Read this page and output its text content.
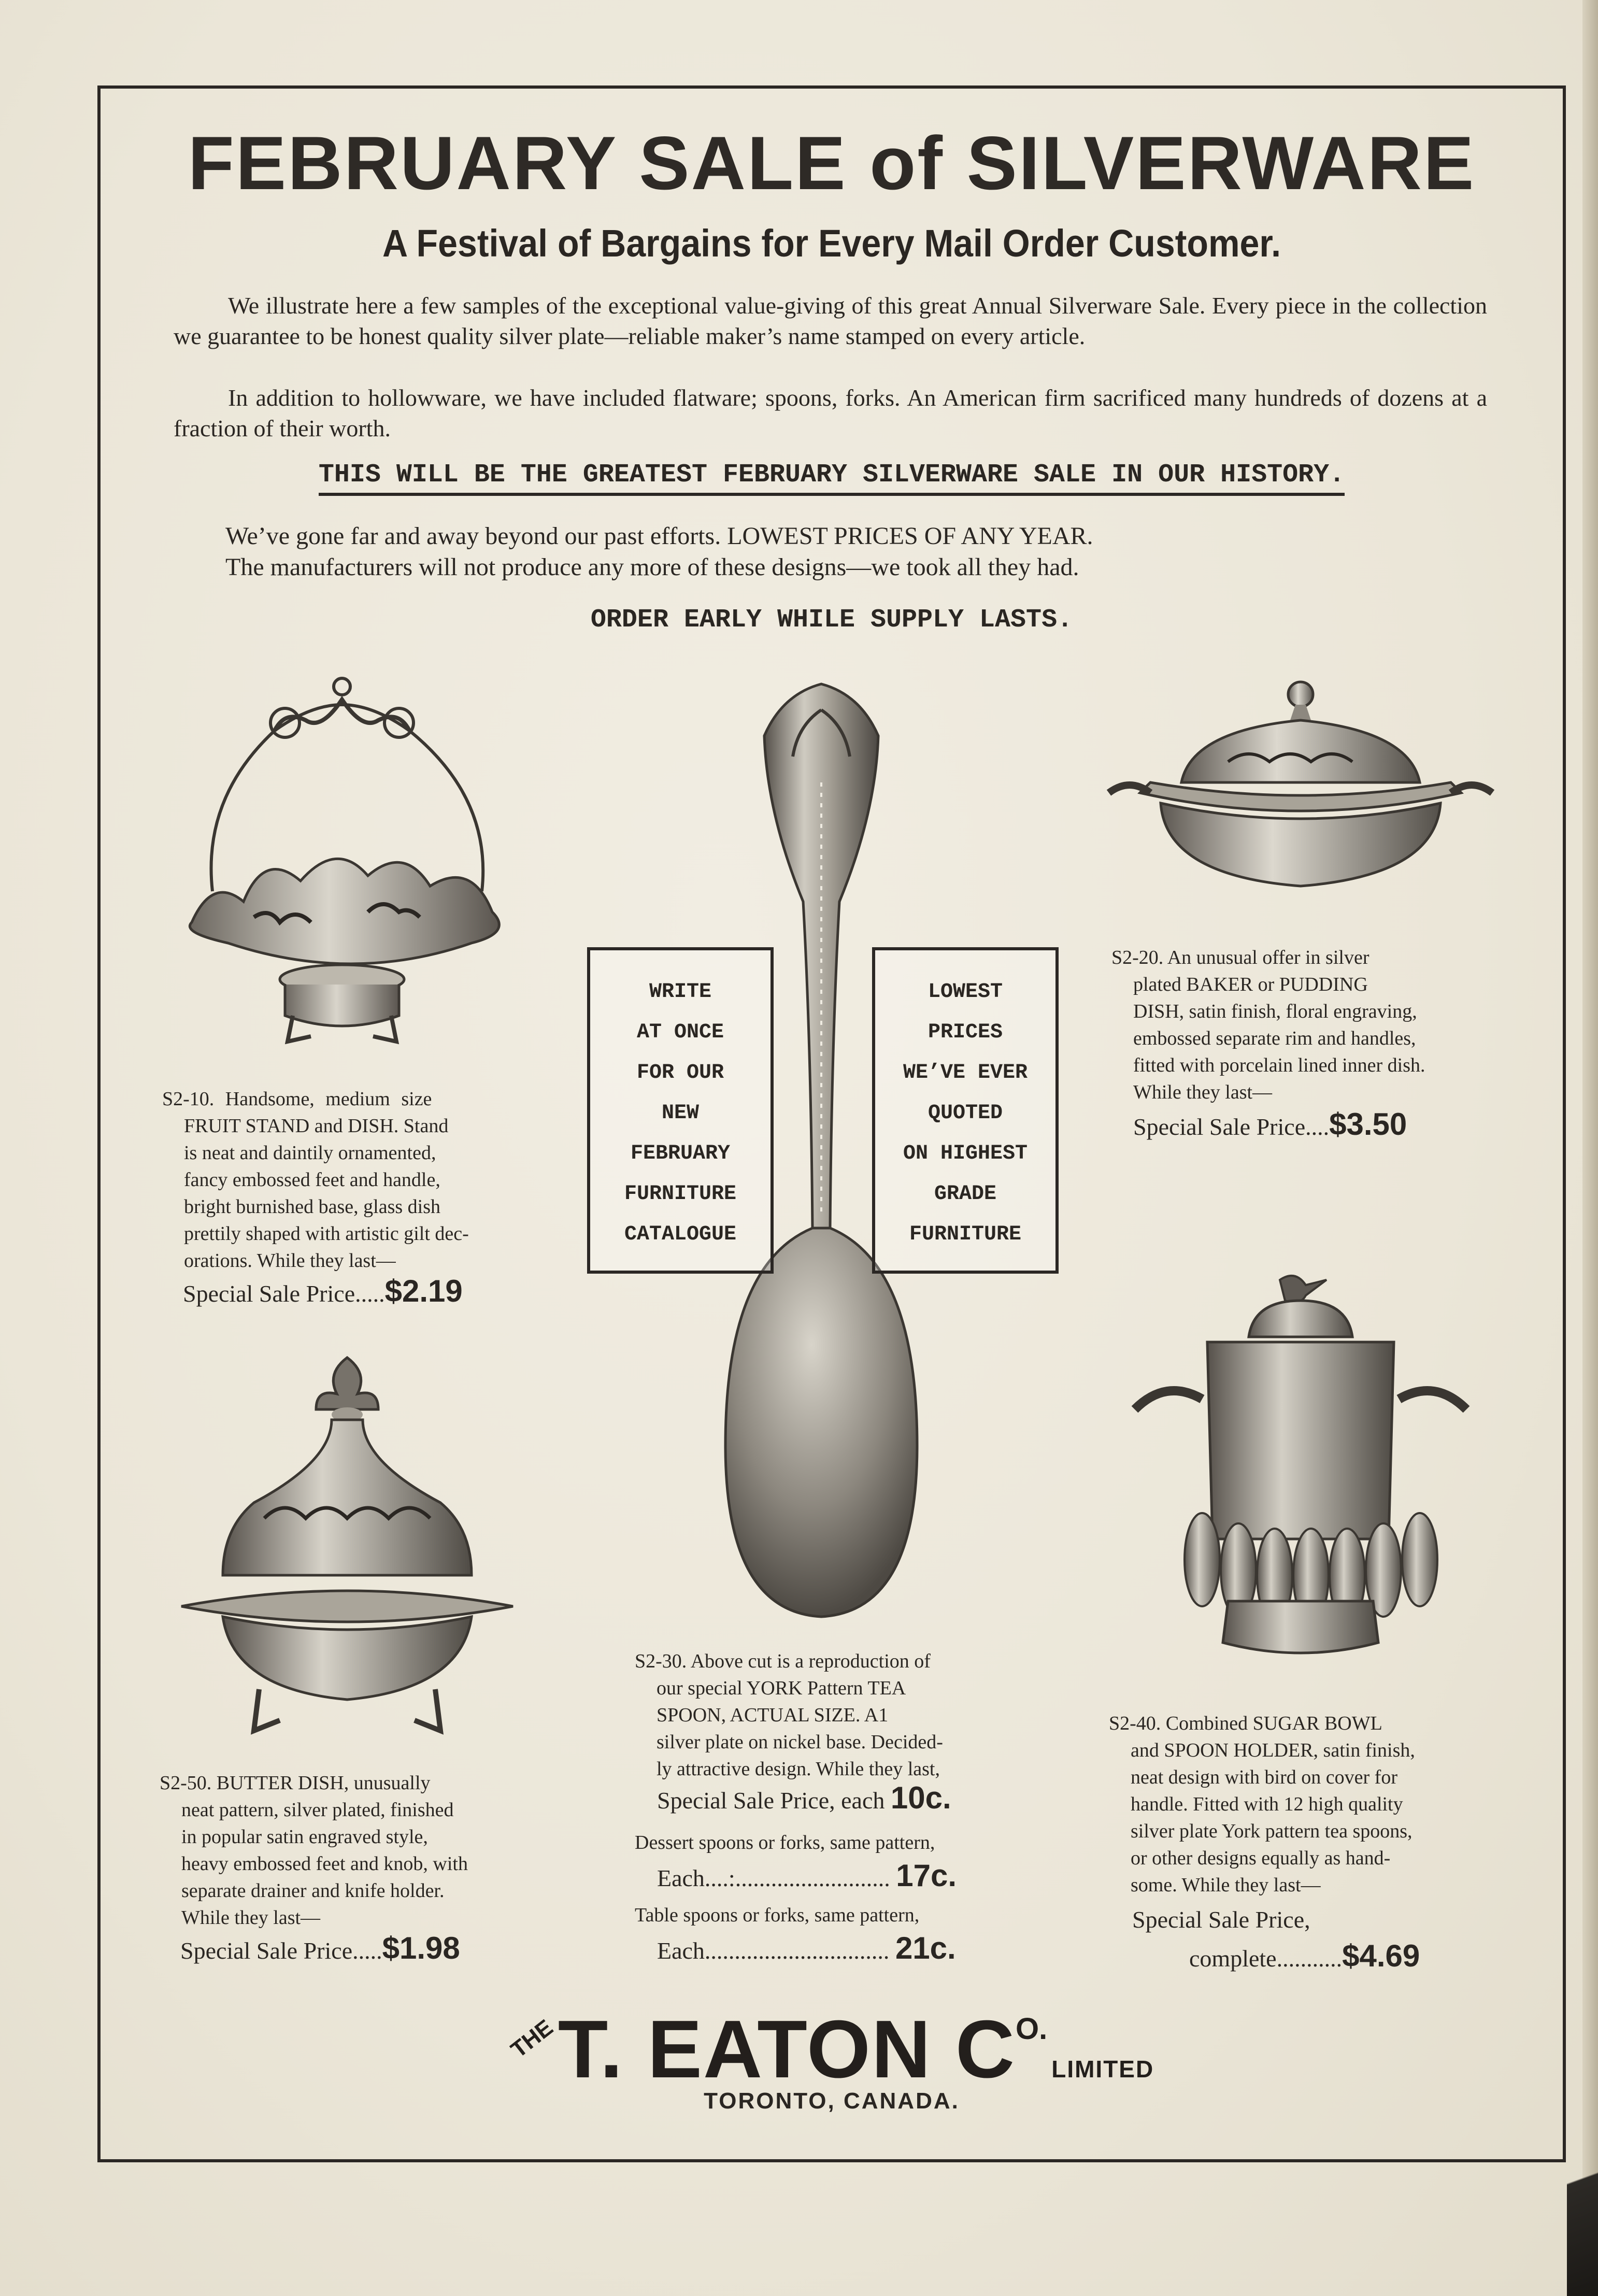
FEBRUARY SALE of SILVERWARE
A Festival of Bargains for Every Mail Order Customer.
We illustrate here a few samples of the exceptional value-giving of this great Annual Silverware Sale. Every piece in the collection we guarantee to be honest quality silver plate—reliable maker’s name stamped on every article.
In addition to hollowware, we have included flatware; spoons, forks. An American firm sacrificed many hundreds of dozens at a fraction of their worth.
THIS WILL BE THE GREATEST FEBRUARY SILVERWARE SALE IN OUR HISTORY.
We’ve gone far and away beyond our past efforts. LOWEST PRICES OF ANY YEAR.
The manufacturers will not produce any more of these designs—we took all they had.
ORDER EARLY WHILE SUPPLY LASTS.
WRITE
AT ONCE
FOR OUR
NEW
FEBRUARY
FURNITURE
CATALOGUE
LOWEST
PRICES
WE’VE EVER
QUOTED
ON HIGHEST
GRADE
FURNITURE
S2-10. Handsome, medium size
FRUIT STAND and DISH. Stand
is neat and daintily ornamented,
fancy embossed feet and handle,
bright burnished base, glass dish
prettily shaped with artistic gilt dec-
orations. While they last—
Special Sale Price.....$2.19
S2-20. An unusual offer in silver
plated BAKER or PUDDING
DISH, satin finish, floral engraving,
embossed separate rim and handles,
fitted with porcelain lined inner dish.
While they last—
Special Sale Price....$3.50
S2-30. Above cut is a reproduction of
our special YORK Pattern TEA
SPOON, ACTUAL SIZE. A1
silver plate on nickel base. Decided-
ly attractive design. While they last,
Special Sale Price, each 10c.
Dessert spoons or forks, same pattern,
Each....:.......................... 17c.
Table spoons or forks, same pattern,
Each............................... 21c.
S2-40. Combined SUGAR BOWL
and SPOON HOLDER, satin finish,
neat design with bird on cover for
handle. Fitted with 12 high quality
silver plate York pattern tea spoons,
or other designs equally as hand-
some. While they last—
Special Sale Price,
complete...........$4.69
S2-50. BUTTER DISH, unusually
neat pattern, silver plated, finished
in popular satin engraved style,
heavy embossed feet and knob, with
separate drainer and knife holder.
While they last—
Special Sale Price.....$1.98
THET. EATON CO.LIMITED
TORONTO, CANADA.
